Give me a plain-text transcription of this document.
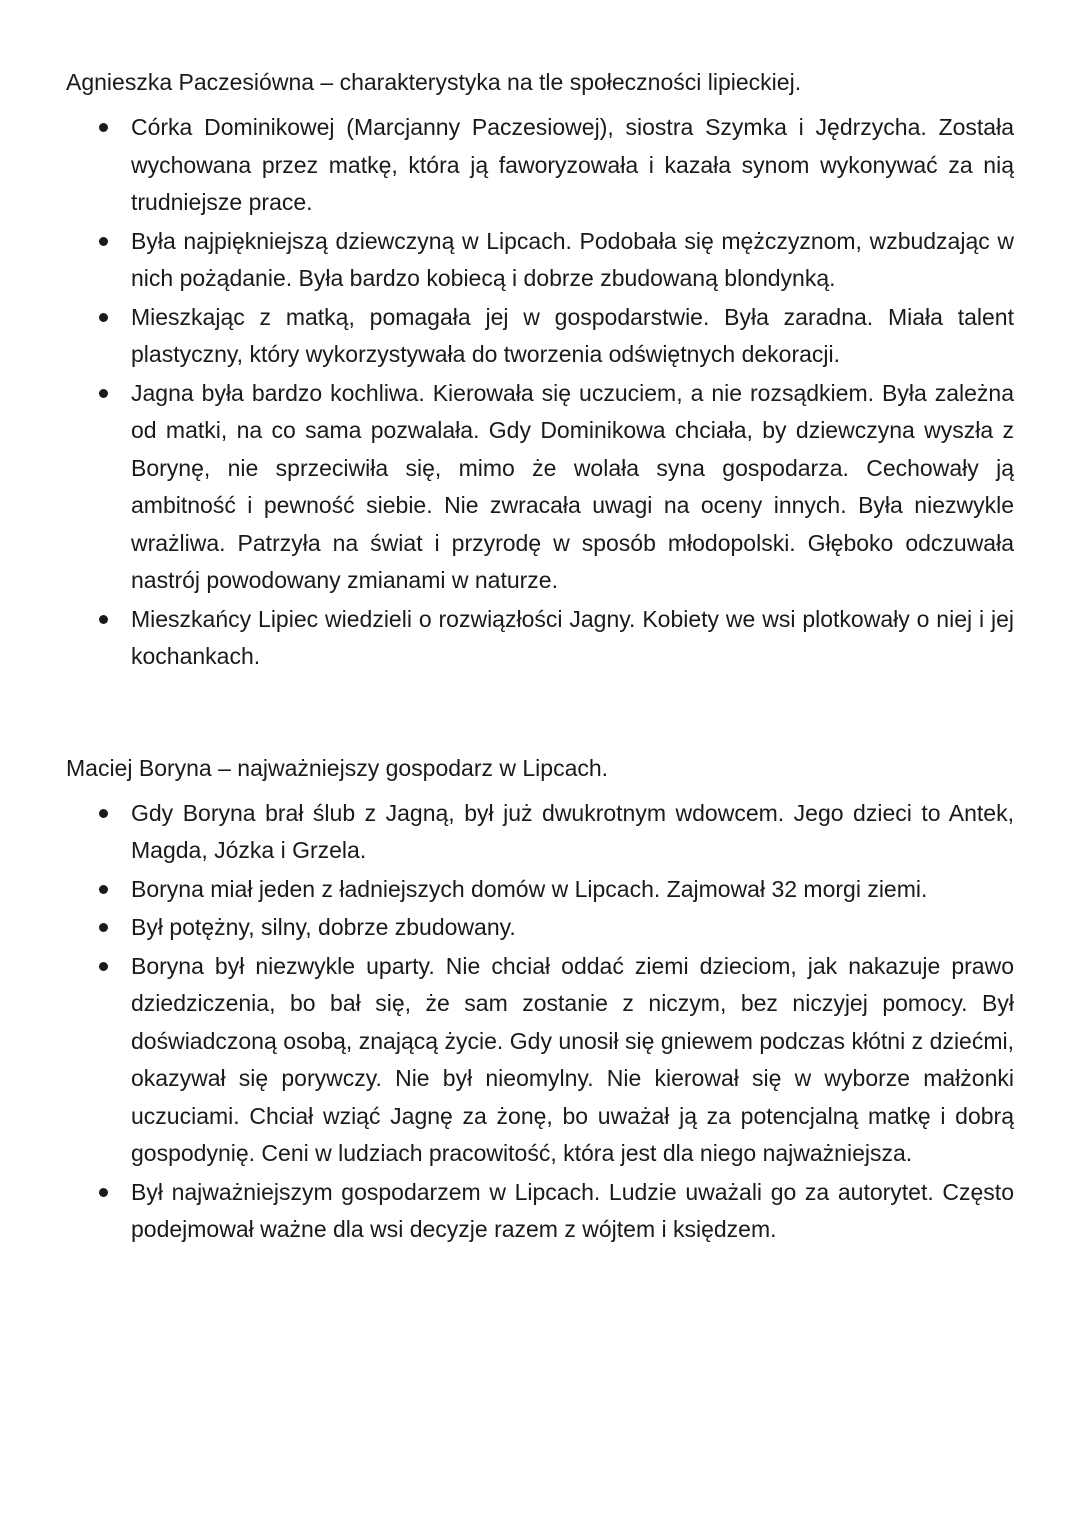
Agnieszka Paczesiówna – charakterystyka na tle społeczności lipieckiej.
Córka Dominikowej (Marcjanny Paczesiowej), siostra Szymka i Jędrzycha. Została wychowana przez matkę, która ją faworyzowała i kazała synom wykonywać za nią trudniejsze prace.
Była najpiękniejszą dziewczyną w Lipcach. Podobała się mężczyznom, wzbudzając w nich pożądanie. Była bardzo kobiecą i dobrze zbudowaną blondynką.
Mieszkając z matką, pomagała jej w gospodarstwie. Była zaradna. Miała talent plastyczny, który wykorzystywała do tworzenia odświętnych dekoracji.
Jagna była bardzo kochliwa. Kierowała się uczuciem, a nie rozsądkiem. Była zależna od matki, na co sama pozwalała. Gdy Dominikowa chciała, by dziewczyna wyszła z Borynę, nie sprzeciwiła się, mimo że wolała syna gospodarza. Cechowały ją ambitność i pewność siebie. Nie zwracała uwagi na oceny innych. Była niezwykle wrażliwa. Patrzyła na świat i przyrodę w sposób młodopolski. Głęboko odczuwała nastrój powodowany zmianami w naturze.
Mieszkańcy Lipiec wiedzieli o rozwiązłości Jagny. Kobiety we wsi plotkowały o niej i jej kochankach.
Maciej Boryna – najważniejszy gospodarz w Lipcach.
Gdy Boryna brał ślub z Jagną, był już dwukrotnym wdowcem. Jego dzieci to Antek, Magda, Józka i Grzela.
Boryna miał jeden z ładniejszych domów w Lipcach. Zajmował 32 morgi ziemi.
Był potężny, silny, dobrze zbudowany.
Boryna był niezwykle uparty. Nie chciał oddać ziemi dzieciom, jak nakazuje prawo dziedziczenia, bo bał się, że sam zostanie z niczym, bez niczyjej pomocy. Był doświadczoną osobą, znającą życie. Gdy unosił się gniewem podczas kłótni z dziećmi, okazywał się porywczy. Nie był nieomylny. Nie kierował się w wyborze małżonki uczuciami. Chciał wziąć Jagnę za żonę, bo uważał ją za potencjalną matkę i dobrą gospodynię. Ceni w ludziach pracowitość, która jest dla niego najważniejsza.
Był najważniejszym gospodarzem w Lipcach. Ludzie uważali go za autorytet. Często podejmował ważne dla wsi decyzje razem z wójtem i księdzem.
